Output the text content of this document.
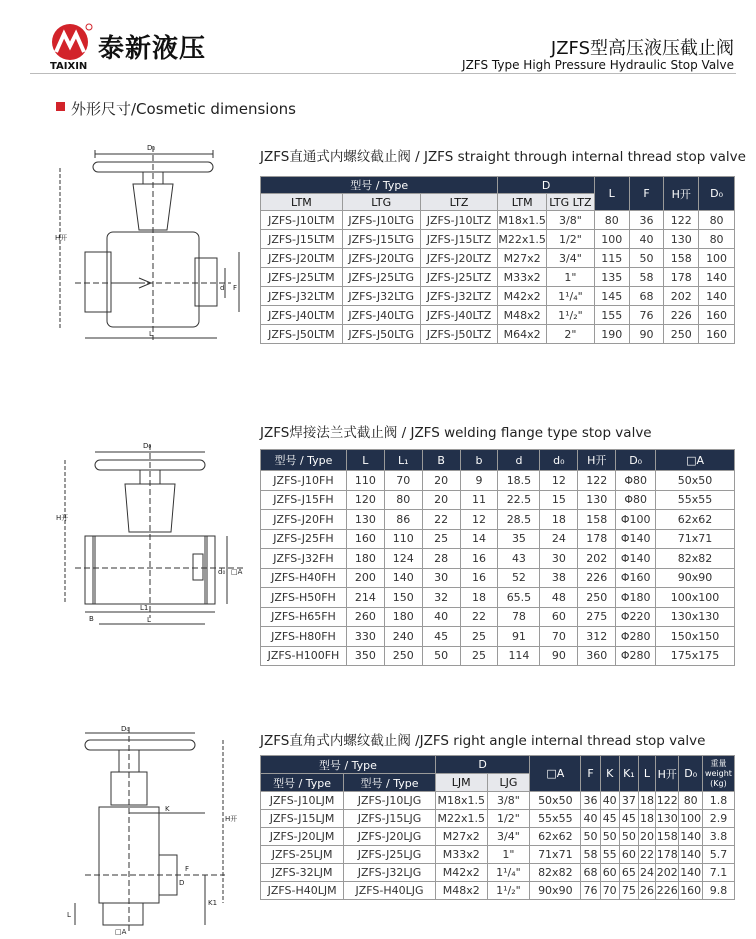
泰新液压
TAIXIN
JZFS型高压液压截止阀
JZFS Type High Pressure Hydraulic Stop Valve
外形尺寸/Cosmetic dimensions
D₀
H开
d F
L
JZFS直通式内螺纹截止阀 / JZFS straight through internal thread stop valve
型号 / Type			D		L	F	H开	D₀
LTM	LTG	LTZ	LTM	LTG LTZ				
JZFS-J10LTM	JZFS-J10LTG	JZFS-J10LTZ	M18x1.5	3/8"	80	36	122	80
JZFS-J15LTM	JZFS-J15LTG	JZFS-J15LTZ	M22x1.5	1/2"	100	40	130	80
JZFS-J20LTM	JZFS-J20LTG	JZFS-J20LTZ	M27x2	3/4"	115	50	158	100
JZFS-J25LTM	JZFS-J25LTG	JZFS-J25LTZ	M33x2	1"	135	58	178	140
JZFS-J32LTM	JZFS-J32LTG	JZFS-J32LTZ	M42x2	1¹/₄"	145	68	202	140
JZFS-J40LTM	JZFS-J40LTG	JZFS-J40LTZ	M48x2	1¹/₂"	155	76	226	160
JZFS-J50LTM	JZFS-J50LTG	JZFS-J50LTZ	M64x2	2"	190	90	250	160
D₀
H开
B
L1
L
d₀ □A
JZFS焊接法兰式截止阀 / JZFS welding flange type stop valve
型号 / Type	L	L₁	B	b	d	d₀	H开	D₀	□A
JZFS-J10FH	110	70	20	9	18.5	12	122	Φ80	50x50
JZFS-J15FH	120	80	20	11	22.5	15	130	Φ80	55x55
JZFS-J20FH	130	86	22	12	28.5	18	158	Φ100	62x62
JZFS-J25FH	160	110	25	14	35	24	178	Φ140	71x71
JZFS-J32FH	180	124	28	16	43	30	202	Φ140	82x82
JZFS-H40FH	200	140	30	16	52	38	226	Φ160	90x90
JZFS-H50FH	214	150	32	18	65.5	48	250	Φ180	100x100
JZFS-H65FH	260	180	40	22	78	60	275	Φ220	130x130
JZFS-H80FH	330	240	45	25	91	70	312	Φ280	150x150
JZFS-H100FH	350	250	50	25	114	90	360	Φ280	175x175
D₀
H开
K
K1
F
D
L
□A
JZFS直角式内螺纹截止阀 /JZFS right angle internal thread stop valve
型号 / Type		D		□A	F	K	K₁	L	H开	D₀	重量
weight
(Kg)
型号 / Type	型号 / Type	LJM	LJG								
JZFS-J10LJM	JZFS-J10LJG	M18x1.5	3/8"	50x50	36	40	37	18	122	80	1.8
JZFS-J15LJM	JZFS-J15LJG	M22x1.5	1/2"	55x55	40	45	45	18	130	100	2.9
JZFS-J20LJM	JZFS-J20LJG	M27x2	3/4"	62x62	50	50	50	20	158	140	3.8
JZFS-25LJM	JZFS-J25LJG	M33x2	1"	71x71	58	55	60	22	178	140	5.7
JZFS-32LJM	JZFS-J32LJG	M42x2	1¹/₄"	82x82	68	60	65	24	202	140	7.1
JZFS-H40LJM	JZFS-H40LJG	M48x2	1¹/₂"	90x90	76	70	75	26	226	160	9.8
